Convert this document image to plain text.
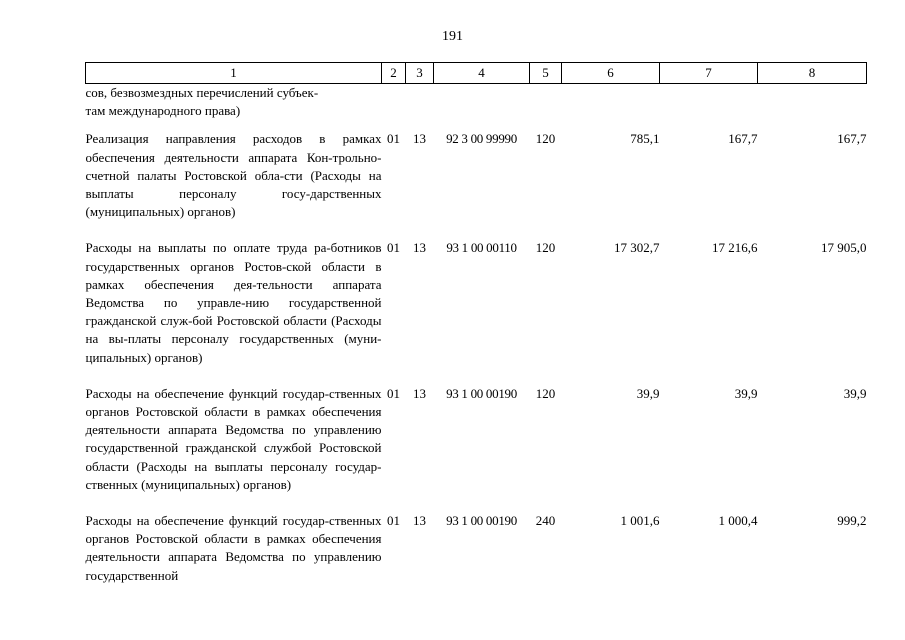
191
1	2	3	4	5	6	7	8
сов, безвозмездных перечислений субъек-
там международного права)							
Реализация направления расходов в рамках обеспечения деятельности аппарата Кон-трольно-счетной палаты Ростовской обла-сти (Расходы на выплаты персоналу госу-дарственных (муниципальных) органов)	01	13	92 3 00 99990	120	785,1	167,7	167,7
Расходы на выплаты по оплате труда ра-ботников государственных органов Ростов-ской области в рамках обеспечения дея-тельности аппарата Ведомства по управле-нию государственной гражданской служ-бой Ростовской области (Расходы на вы-платы персоналу государственных (муни-ципальных) органов)	01	13	93 1 00 00110	120	17 302,7	17 216,6	17 905,0
Расходы на обеспечение функций государ-ственных органов Ростовской области в рамках обеспечения деятельности аппарата Ведомства по управлению государственной гражданской службой Ростовской области (Расходы на выплаты персоналу государ-ственных (муниципальных) органов)	01	13	93 1 00 00190	120	39,9	39,9	39,9
Расходы на обеспечение функций государ-ственных органов Ростовской области в рамках обеспечения деятельности аппарата Ведомства по управлению государственной	01	13	93 1 00 00190	240	1 001,6	1 000,4	999,2
